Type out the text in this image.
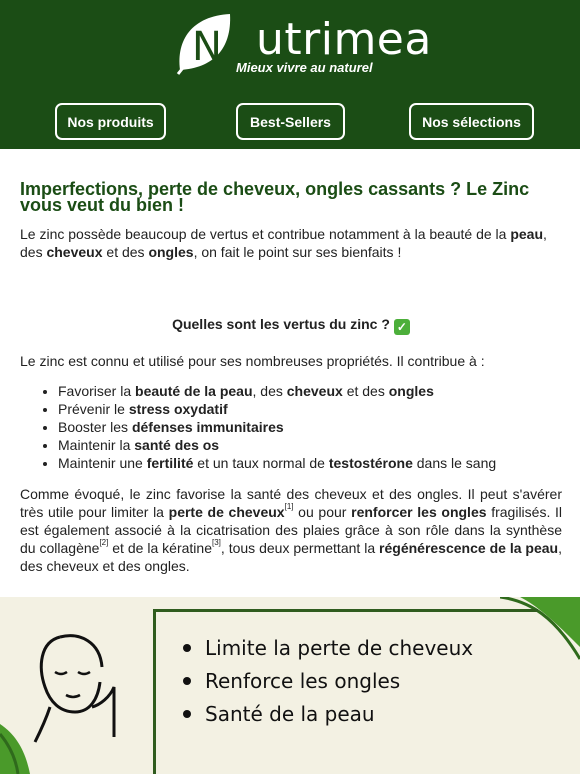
N utrimea
Mieux vivre au naturel
Nos produits	Best-Sellers	Nos sélections
Imperfections, perte de cheveux, ongles cassants ? Le Zinc vous veut du bien !

Le zinc possède beaucoup de vertus et contribue notamment à la beauté de la peau, des cheveux et des ongles, on fait le point sur ses bienfaits !

Quelles sont les vertus du zinc ? ✓

Le zinc est connu et utilisé pour ses nombreuses propriétés. Il contribue à :

• Favoriser la beauté de la peau, des cheveux et des ongles
• Prévenir le stress oxydatif
• Booster les défenses immunitaires
• Maintenir la santé des os
• Maintenir une fertilité et un taux normal de testostérone dans le sang

Comme évoqué, le zinc favorise la santé des cheveux et des ongles. Il peut s'avérer très utile pour limiter la perte de cheveux[1] ou pour renforcer les ongles fragilisés. Il est également associé à la cicatrisation des plaies grâce à son rôle dans la synthèse du collagène[2] et de la kératine[3], tous deux permettant la régénérescence de la peau, des cheveux et des ongles.

Limite la perte de cheveux
Renforce les ongles
Santé de la peau
